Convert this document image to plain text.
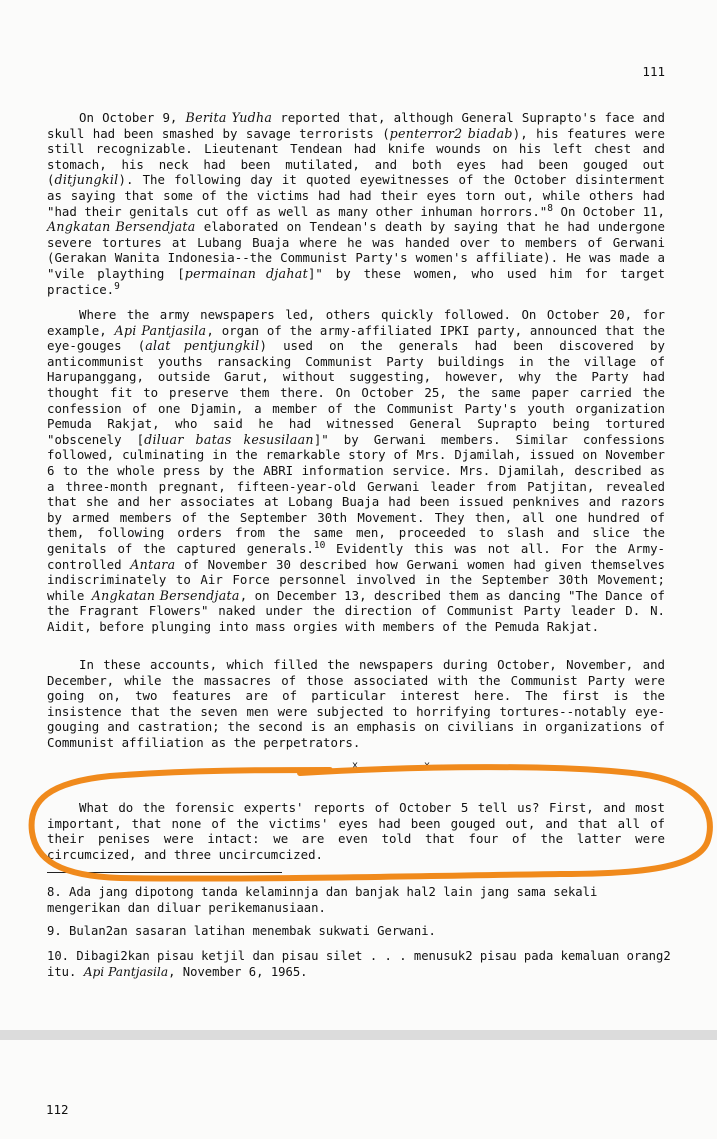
111

On October 9, Berita Yudha reported that, although General Suprapto's face and skull had been smashed by savage terrorists (penterror2 biadab), his features were still recognizable. Lieutenant Tendean had knife wounds on his left chest and stomach, his neck had been mutilated, and both eyes had been gouged out (ditjungkil). The following day it quoted eyewitnesses of the October disinterment as saying that some of the victims had had their eyes torn out, while others had "had their genitals cut off as well as many other inhuman horrors."$^8$ On October 11, Angkatan Bersendjata elaborated on Tendean's death by saying that he had undergone severe tortures at Lubang Buaja where he was handed over to members of Gerwani (Gerakan Wanita Indonesia--the Communist Party's women's affiliate). He was made a "vile plaything [permainan djahat]" by these women, who used him for target practice.$^9$

Where the army newspapers led, others quickly followed. On October 20, for example, Api Pantjasila, organ of the army-affiliated IPKI party, announced that the eye-gouges (alat pentjungkil) used on the generals had been discovered by anticommunist youths ransacking Communist Party buildings in the village of Harupanggang, outside Garut, without suggesting, however, why the Party had thought fit to preserve them there. On October 25, the same paper carried the confession of one Djamin, a member of the Communist Party's youth organization Pemuda Rakjat, who said he had witnessed General Suprapto being tortured "obscenely [diluar batas kesusilaan]" by Gerwani members. Similar confessions followed, culminating in the remarkable story of Mrs. Djamilah, issued on November 6 to the whole press by the ABRI information service. Mrs. Djamilah, described as a three-month pregnant, fifteen-year-old Gerwani leader from Patjitan, revealed that she and her associates at Lobang Buaja had been issued penknives and razors by armed members of the September 30th Movement. They then, all one hundred of them, following orders from the same men, proceeded to slash and slice the genitals of the captured generals.$^{10}$ Evidently this was not all. For the Army-controlled Antara of November 30 described how Gerwani women had given themselves indiscriminately to Air Force personnel involved in the September 30th Movement; while Angkatan Bersendjata, on December 13, described them as dancing "The Dance of the Fragrant Flowers" naked under the direction of Communist Party leader D. N. Aidit, before plunging into mass orgies with members of the Pemuda Rakjat.

In these accounts, which filled the newspapers during October, November, and December, while the massacres of those associated with the Communist Party were going on, two features are of particular interest here. The first is the insistence that the seven men were subjected to horrifying tortures--notably eye-gouging and castration; the second is an emphasis on civilians in organizations of Communist affiliation as the perpetrators.

x x

What do the forensic experts' reports of October 5 tell us? First, and most important, that none of the victims' eyes had been gouged out, and that all of their penises were intact: we are even told that four of the latter were circumcized, and three uncircumcized.

8. Ada jang dipotong tanda kelaminnja dan banjak hal2 lain jang sama sekali mengerikan dan diluar perikemanusiaan.

9. Bulan2an sasaran latihan menembak sukwati Gerwani.

10. Dibagi2kan pisau ketjil dan pisau silet . . . menusuk2 pisau pada kemaluan orang2 itu. Api Pantjasila, November 6, 1965.

112
